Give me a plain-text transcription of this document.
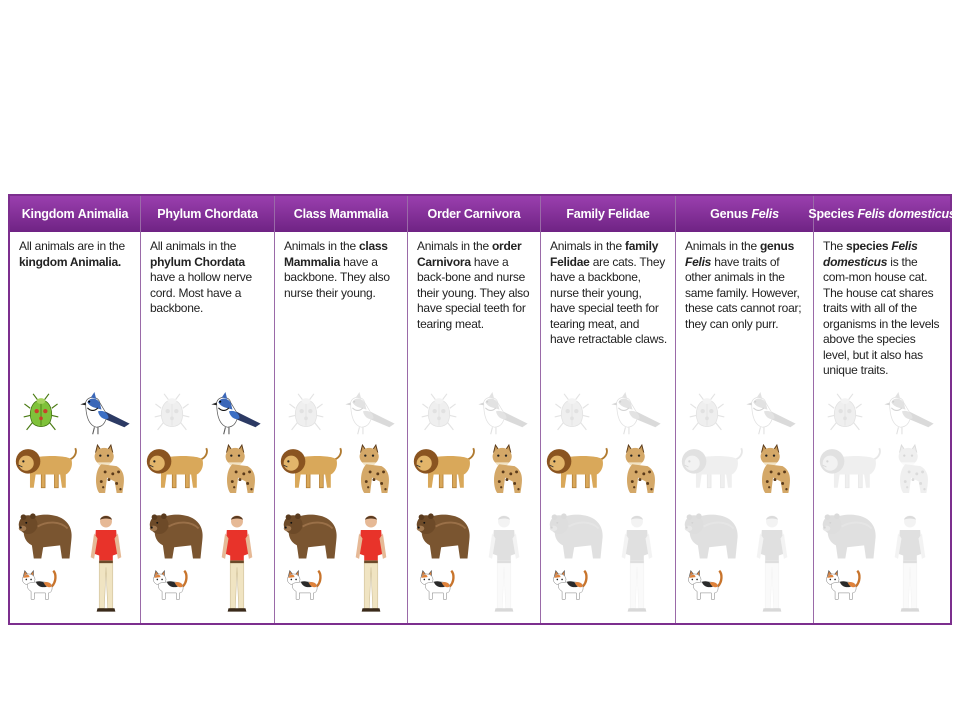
Kingdom
Animalia
All animals are in the kingdom Animalia.
Phylum
Chordata
All animals in the phylum Chordata have a hollow nerve cord. Most have a backbone.
Class
Mammalia
Animals in the class Mammalia have a backbone. They also nurse their young.
Order
Carnivora
Animals in the order Carnivora have a back-bone and nurse their young. They also have special teeth for tearing meat.
Family
Felidae
Animals in the family Felidae are cats. They have a backbone, nurse their young, have special teeth for tearing meat, and have retractable claws.
Genus
Felis
Animals in the genus Felis have traits of other animals in the same family. However, these cats cannot roar; they can only purr.
Species
Felis domesticus
The species Felis domesticus is the com-mon house cat. The house cat shares traits with all of the organisms in the levels above the species level, but it also has unique traits.
